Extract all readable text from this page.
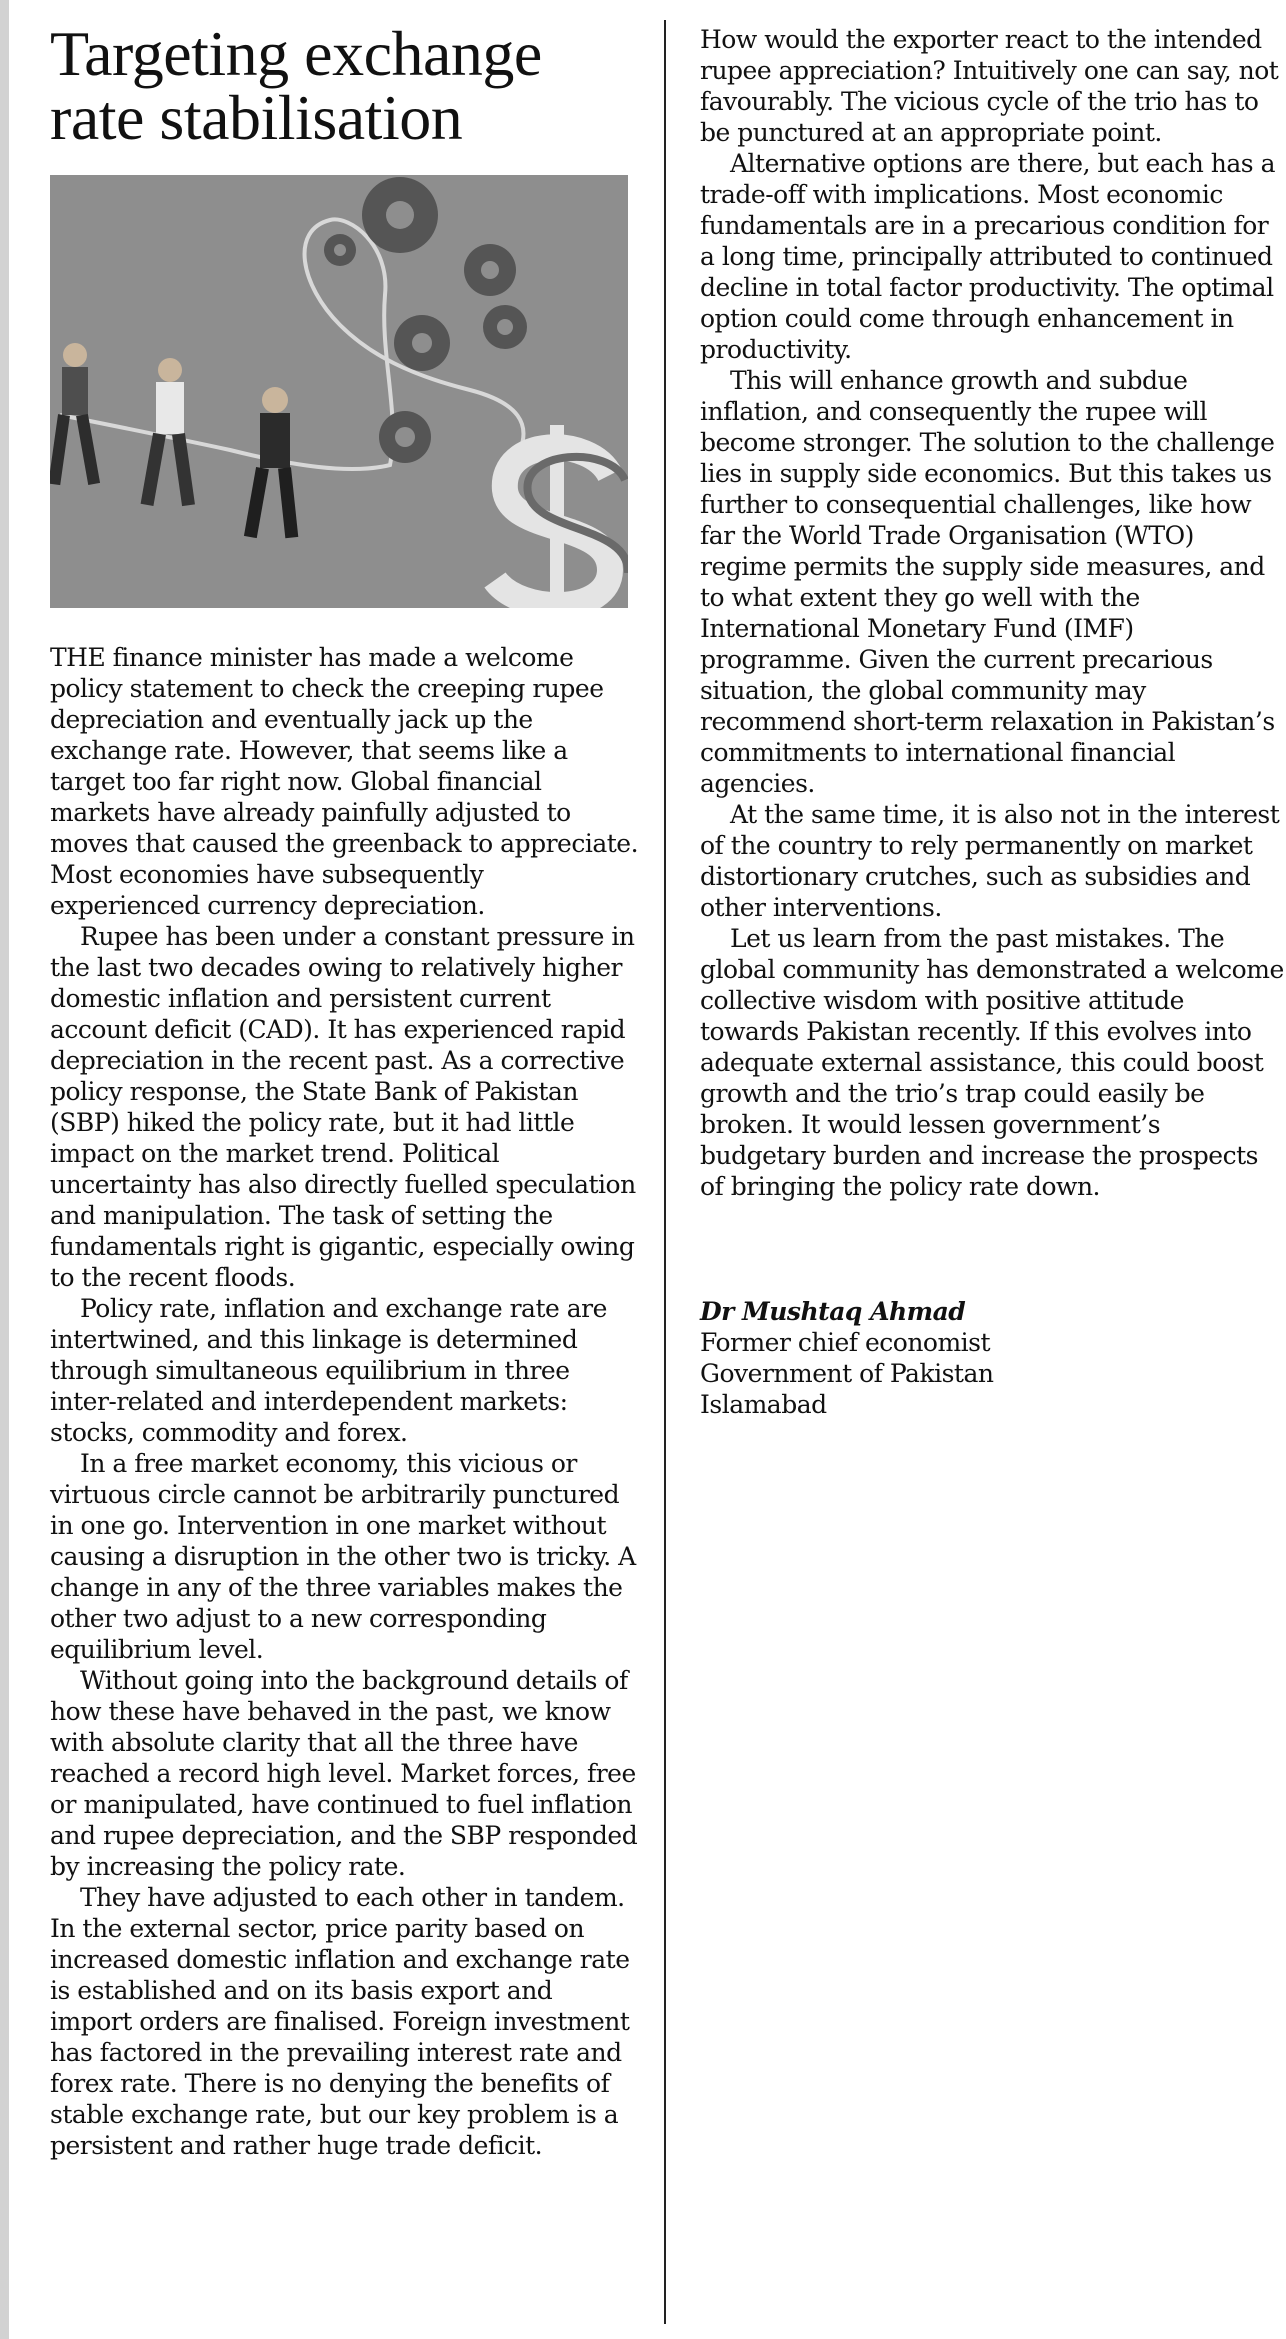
Targeting exchange rate stabilisation

THE finance minister has made a welcome policy statement to check the creeping rupee depreciation and eventually jack up the exchange rate. However, that seems like a target too far right now. Global financial markets have already painfully adjusted to moves that caused the greenback to appreciate. Most economies have subsequently experienced currency depreciation.

Rupee has been under a constant pressure in the last two decades owing to relatively higher domestic inflation and persistent current account deficit (CAD). It has experienced rapid depreciation in the recent past. As a corrective policy response, the State Bank of Pakistan (SBP) hiked the policy rate, but it had little impact on the market trend. Political uncertainty has also directly fuelled speculation and manipulation. The task of setting the fundamentals right is gigantic, especially owing to the recent floods.

Policy rate, inflation and exchange rate are intertwined, and this linkage is determined through simultaneous equilibrium in three inter-related and interdependent markets: stocks, commodity and forex.

In a free market economy, this vicious or virtuous circle cannot be arbitrarily punctured in one go. Intervention in one market without causing a disruption in the other two is tricky. A change in any of the three variables makes the other two adjust to a new corresponding equilibrium level.

Without going into the background details of how these have behaved in the past, we know with absolute clarity that all the three have reached a record high level. Market forces, free or manipulated, have continued to fuel inflation and rupee depreciation, and the SBP responded by increasing the policy rate.

They have adjusted to each other in tandem. In the external sector, price parity based on increased domestic inflation and exchange rate is established and on its basis export and import orders are finalised. Foreign investment has factored in the prevailing interest rate and forex rate. There is no denying the benefits of stable exchange rate, but our key problem is a persistent and rather huge trade deficit.

How would the exporter react to the intended rupee appreciation? Intuitively one can say, not favourably. The vicious cycle of the trio has to be punctured at an appropriate point.

Alternative options are there, but each has a trade-off with implications. Most economic fundamentals are in a precarious condition for a long time, principally attributed to continued decline in total factor productivity. The optimal option could come through enhancement in productivity.

This will enhance growth and subdue inflation, and consequently the rupee will become stronger. The solution to the challenge lies in supply side economics. But this takes us further to consequential challenges, like how far the World Trade Organisation (WTO) regime permits the supply side measures, and to what extent they go well with the International Monetary Fund (IMF) programme. Given the current precarious situation, the global community may recommend short-term relaxation in Pakistan’s commitments to international financial agencies.

At the same time, it is also not in the interest of the country to rely permanently on market distortionary crutches, such as subsidies and other interventions.

Let us learn from the past mistakes. The global community has demonstrated a welcome collective wisdom with positive attitude towards Pakistan recently. If this evolves into adequate external assistance, this could boost growth and the trio’s trap could easily be broken. It would lessen government’s budgetary burden and increase the prospects of bringing the policy rate down.

Dr Mushtaq Ahmad
Former chief economist
Government of Pakistan
Islamabad
